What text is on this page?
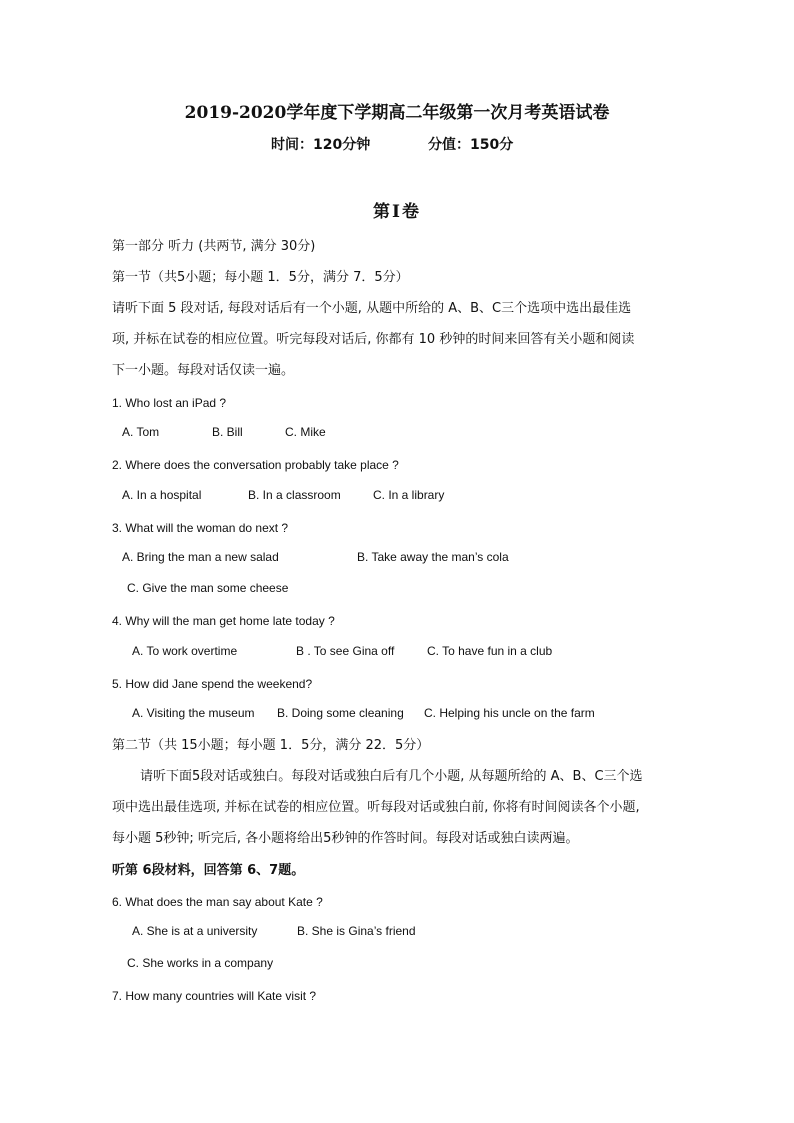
2019-2020学年度下学期高二年级第一次月考英语试卷
时间：120分钟	分值：150分
第Ⅰ卷
第一部分 听力 (共两节, 满分 30分)
第一节（共5小题；每小题 1．5分，满分 7．5分）
请听下面 5 段对话, 每段对话后有一个小题, 从题中所给的 A、B、C三个选项中选出最佳选
项, 并标在试卷的相应位置。听完每段对话后, 你都有 10 秒钟的时间来回答有关小题和阅读
下一小题。每段对话仅读一遍。
1. Who lost an iPad ?
A. Tom	B. Bill	C. Mike
2. Where does the conversation probably take place ?
A. In a hospital	B. In a classroom	C. In a library
3. What will the woman do next ?
A. Bring the man a new salad	B. Take away the man’s cola
C. Give the man some cheese
4. Why will the man get home late today ?
A. To work overtime	B . To see Gina off	C. To have fun in a club
5. How did Jane spend the weekend?
A. Visiting the museum B. Doing some cleaning C. Helping his uncle on the farm
第二节（共 15小题；每小题 1．5分，满分 22．5分）
请听下面5段对话或独白。每段对话或独白后有几个小题, 从每题所给的 A、B、C三个选
项中选出最佳选项, 并标在试卷的相应位置。听每段对话或独白前, 你将有时间阅读各个小题,
每小题 5秒钟; 听完后, 各小题将给出5秒钟的作答时间。每段对话或独白读两遍。
听第 6段材料，回答第 6、7题。
6. What does the man say about Kate ?
A. She is at a university	B. She is Gina’s friend
C. She works in a company
7. How many countries will Kate visit ?
